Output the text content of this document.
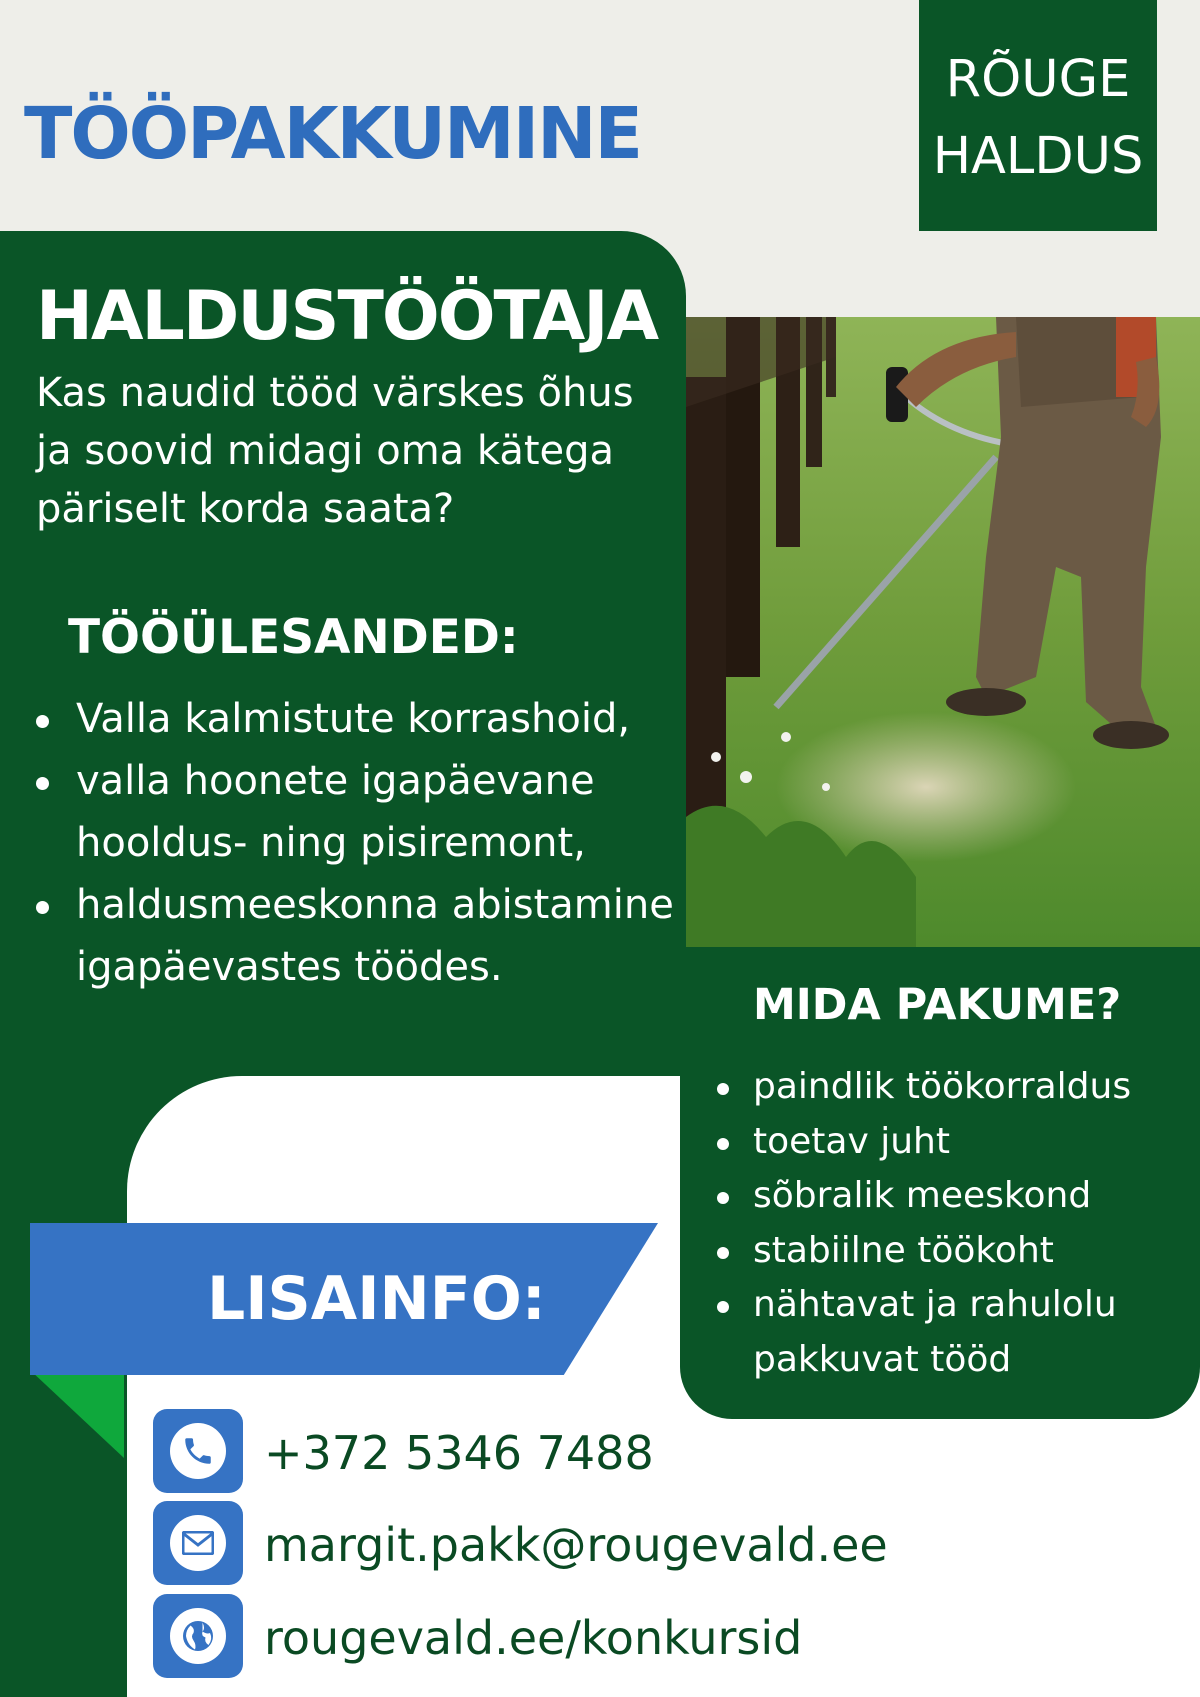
TÖÖPAKKUMINE
RÕUGE
HALDUS
HALDUSTÖÖTAJA
Kas naudid tööd värskes õhus ja soovid midagi oma kätega päriselt korda saata?
TÖÖÜLESANDED:
Valla kalmistute korrashoid,
valla hoonete igapäevane hooldus- ning pisiremont,
haldusmeeskonna abistamine igapäevastes töödes.
MIDA PAKUME?
paindlik töökorraldus
toetav juht
sõbralik meeskond
stabiilne töökoht
nähtavat ja rahulolu pakkuvat tööd
LISAINFO:
+372 5346 7488
margit.pakk@rougevald.ee
rougevald.ee/konkursid
